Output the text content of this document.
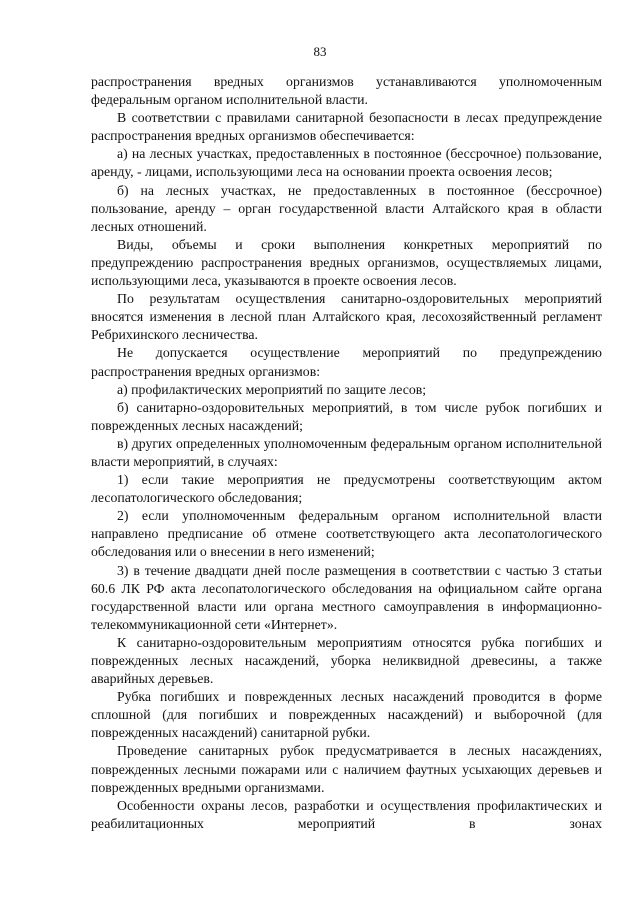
83

распространения вредных организмов устанавливаются уполномоченным федеральным органом исполнительной власти.

В соответствии с правилами санитарной безопасности в лесах предупреждение распространения вредных организмов обеспечивается:

а) на лесных участках, предоставленных в постоянное (бессрочное) пользование, аренду, - лицами, использующими леса на основании проекта освоения лесов;

б) на лесных участках, не предоставленных в постоянное (бессрочное) пользование, аренду – орган государственной власти Алтайского края в области лесных отношений.

Виды, объемы и сроки выполнения конкретных мероприятий по предупреждению распространения вредных организмов, осуществляемых лицами, использующими леса, указываются в проекте освоения лесов.

По результатам осуществления санитарно-оздоровительных мероприятий вносятся изменения в лесной план Алтайского края, лесохозяйственный регламент Ребрихинского лесничества.

Не допускается осуществление мероприятий по предупреждению распространения вредных организмов:

а) профилактических мероприятий по защите лесов;

б) санитарно-оздоровительных мероприятий, в том числе рубок погибших и поврежденных лесных насаждений;

в) других определенных уполномоченным федеральным органом исполнительной власти мероприятий, в случаях:

1) если такие мероприятия не предусмотрены соответствующим актом лесопатологического обследования;

2) если уполномоченным федеральным органом исполнительной власти направлено предписание об отмене соответствующего акта лесопатологического обследования или о внесении в него изменений;

3) в течение двадцати дней после размещения в соответствии с частью 3 статьи 60.6 ЛК РФ акта лесопатологического обследования на официальном сайте органа государственной власти или органа местного самоуправления в информационно-телекоммуникационной сети «Интернет».

К санитарно-оздоровительным мероприятиям относятся рубка погибших и поврежденных лесных насаждений, уборка неликвидной древесины, а также аварийных деревьев.

Рубка погибших и поврежденных лесных насаждений проводится в форме сплошной (для погибших и поврежденных насаждений) и выборочной (для поврежденных насаждений) санитарной рубки.

Проведение санитарных рубок предусматривается в лесных насаждениях, поврежденных лесными пожарами или с наличием фаутных усыхающих деревьев и поврежденных вредными организмами.

Особенности охраны лесов, разработки и осуществления профилактических и реабилитационных мероприятий в зонах
